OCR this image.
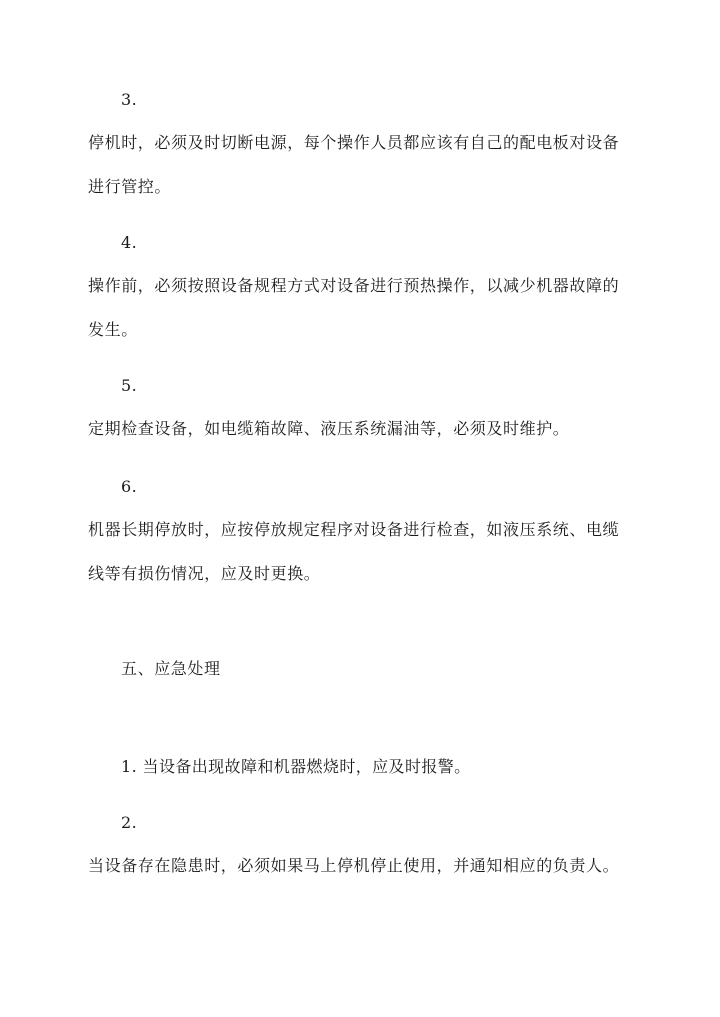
3.
停机时，必须及时切断电源，每个操作人员都应该有自己的配电板对设备
进行管控。
4.
操作前，必须按照设备规程方式对设备进行预热操作，以减少机器故障的
发生。
5.
定期检查设备，如电缆箱故障、液压系统漏油等，必须及时维护。
6.
机器长期停放时，应按停放规定程序对设备进行检查，如液压系统、电缆
线等有损伤情况，应及时更换。
五、应急处理
1. 当设备出现故障和机器燃烧时，应及时报警。
2.
当设备存在隐患时，必须如果马上停机停止使用，并通知相应的负责人。
